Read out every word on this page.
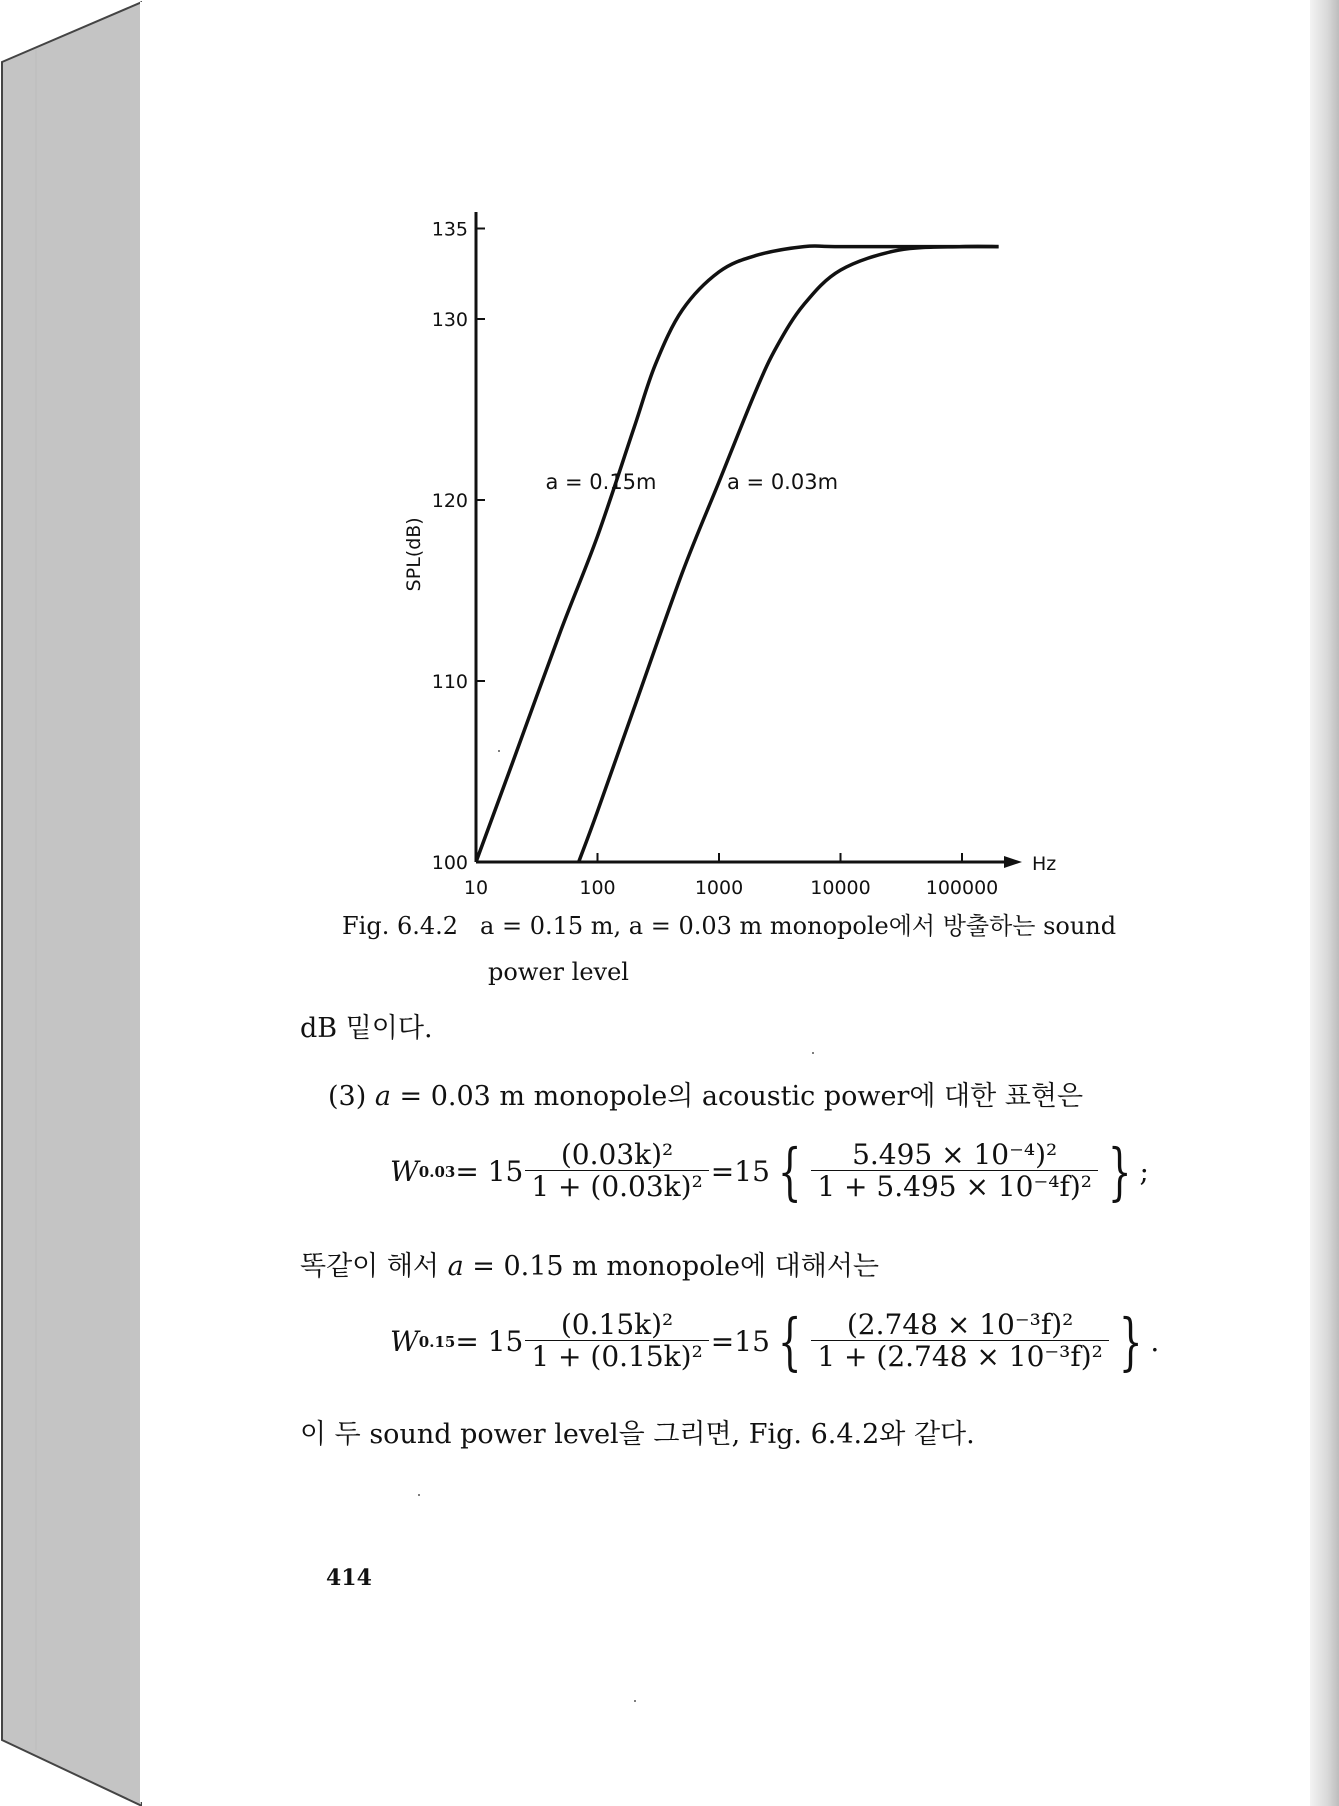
10	100	1000	10000	100000
100
110
120
130
135
Hz
SPL(dB)
a = 0.15m	a = 0.03m
Fig. 6.4.2 a = 0.15 m, a = 0.03 m monopole에서 방출하는 sound
power level
dB 밑이다.
(3) a = 0.03 m monopole의 acoustic power에 대한 표현은
W $0.03 = 15 \frac{\text{(0.03k)²}}{\text{1 + (0.03k)²}} =15$ { $\frac{\text{5.495 × 10⁻⁴)²}}{\text{1 + 5.495 × 10⁻⁴f)²}}$ } ;
똑같이 해서 a = 0.15 m monopole에 대해서는
W $0.15 = 15 \frac{\text{(0.15k)²}}{\text{1 + (0.15k)²}} =15$ { $\frac{\text{(2.748 × 10⁻³f)²}}{\text{1 + (2.748 × 10⁻³f)²}}$ } .
이 두 sound power level을 그리면, Fig. 6.4.2와 같다.
414
